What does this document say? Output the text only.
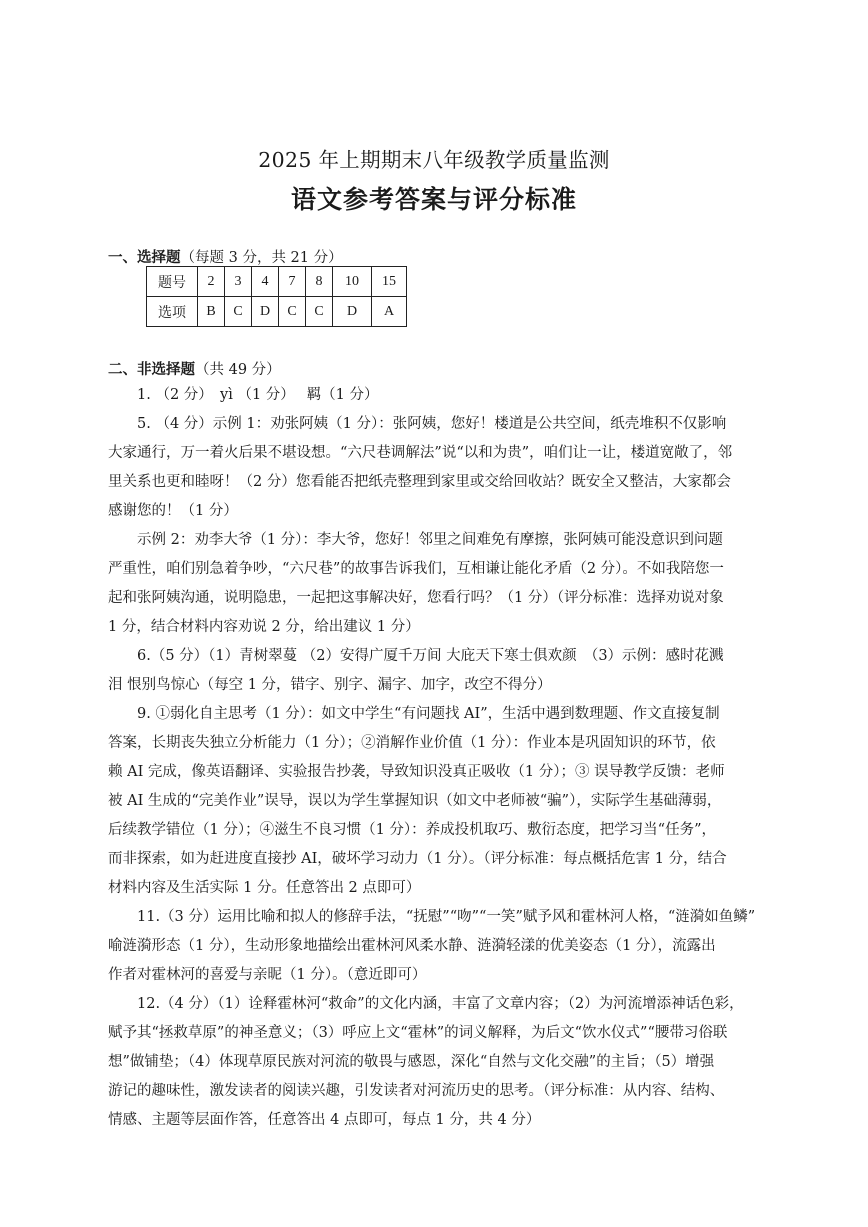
2025 年上期期末八年级教学质量监测
语文参考答案与评分标准
一、选择题（每题 3 分，共 21 分）
题号	2	3	4	7	8	10	15
选项	B	C	D	C	C	D	A
二、非选择题（共 49 分）
1. （2 分）　yì （1 分）　 羁（1 分）
5. （4 分）示例 1：劝张阿姨（1 分）：张阿姨，您好！楼道是公共空间，纸壳堆积不仅影响
大家通行，万一着火后果不堪设想。“六尺巷调解法”说“以和为贵”，咱们让一让，楼道宽敞了，邻
里关系也更和睦呀！（2 分）您看能否把纸壳整理到家里或交给回收站？既安全又整洁，大家都会
感谢您的！（1 分）
示例 2：劝李大爷（1 分）：李大爷，您好！邻里之间难免有摩擦，张阿姨可能没意识到问题
严重性，咱们别急着争吵，“六尺巷”的故事告诉我们，互相谦让能化矛盾（2 分）。不如我陪您一
起和张阿姨沟通，说明隐患，一起把这事解决好，您看行吗？（1 分）（评分标准：选择劝说对象
1 分，结合材料内容劝说 2 分，给出建议 1 分）
6.（5 分）（1）青树翠蔓 （2）安得广厦千万间 大庇天下寒士俱欢颜　（3）示例：感时花溅
泪 恨别鸟惊心（每空 1 分，错字、别字、漏字、加字，改空不得分）
9. ①弱化自主思考（1 分）：如文中学生“有问题找 AI”，生活中遇到数理题、作文直接复制
答案，长期丧失独立分析能力（1 分）；②消解作业价值（1 分）：作业本是巩固知识的环节，依
赖 AI 完成，像英语翻译、实验报告抄袭，导致知识没真正吸收（1 分）；③ 误导教学反馈：老师
被 AI 生成的“完美作业”误导，误以为学生掌握知识（如文中老师被“骗”），实际学生基础薄弱，
后续教学错位（1 分）；④滋生不良习惯（1 分）：养成投机取巧、敷衍态度，把学习当“任务”，
而非探索，如为赶进度直接抄 AI，破坏学习动力（1 分）。（评分标准：每点概括危害 1 分，结合
材料内容及生活实际 1 分。任意答出 2 点即可）
11.（3 分）运用比喻和拟人的修辞手法，“抚慰”“吻”“一笑”赋予风和霍林河人格，“涟漪如鱼鳞”
喻涟漪形态（1 分），生动形象地描绘出霍林河风柔水静、涟漪轻漾的优美姿态（1 分），流露出
作者对霍林河的喜爱与亲昵（1 分）。（意近即可）
12.（4 分）（1）诠释霍林河“救命”的文化内涵，丰富了文章内容；（2）为河流增添神话色彩，
赋予其“拯救草原”的神圣意义；（3）呼应上文“霍林”的词义解释，为后文“饮水仪式”“腰带习俗联
想”做铺垫；（4）体现草原民族对河流的敬畏与感恩，深化“自然与文化交融”的主旨；（5）增强
游记的趣味性，激发读者的阅读兴趣，引发读者对河流历史的思考。（评分标准：从内容、结构、
情感、主题等层面作答，任意答出 4 点即可，每点 1 分，共 4 分）
